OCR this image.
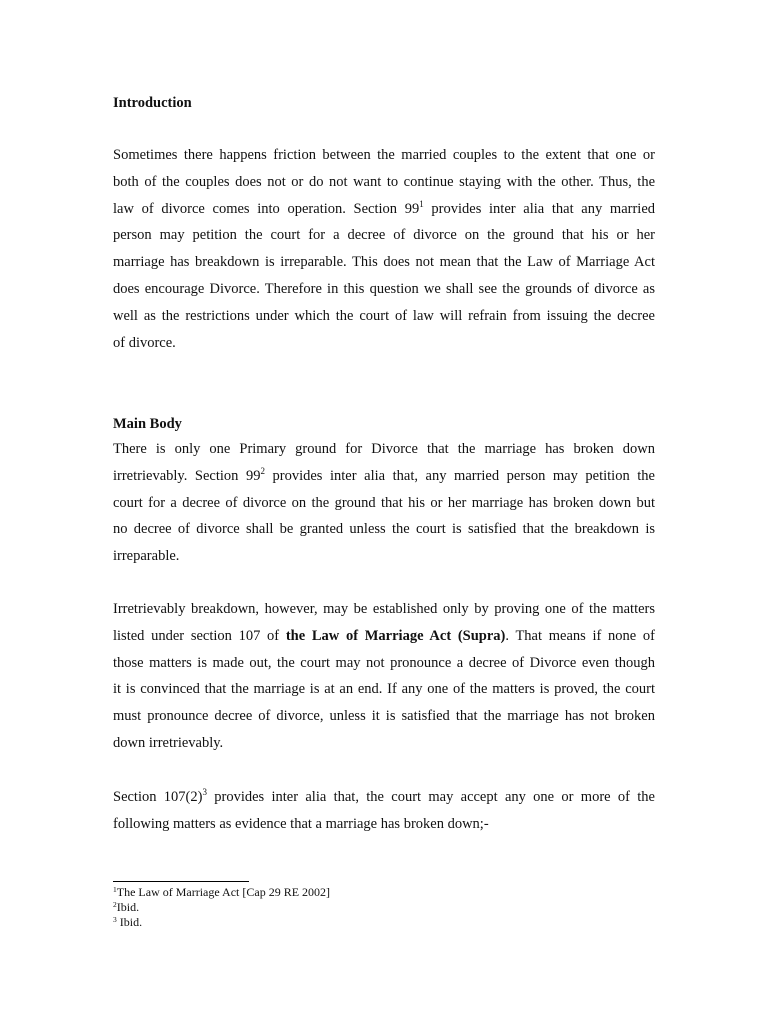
Introduction
Sometimes there happens friction between the married couples to the extent that one or
both of the couples does not or do not want to continue staying with the other. Thus, the
law of divorce comes into operation. Section $99^1$ provides inter alia that any married
person may petition the court for a decree of divorce on the ground that his or her
marriage has breakdown is irreparable. This does not mean that the Law of Marriage Act
does encourage Divorce. Therefore in this question we shall see the grounds of divorce as
well as the restrictions under which the court of law will refrain from issuing the decree
of divorce.
Main Body
There is only one Primary ground for Divorce that the marriage has broken down
irretrievably. Section $99^2$ provides inter alia that, any married person may petition the
court for a decree of divorce on the ground that his or her marriage has broken down but
no decree of divorce shall be granted unless the court is satisfied that the breakdown is
irreparable.
Irretrievably breakdown, however, may be established only by proving one of the matters
listed under section 107 of the Law of Marriage Act (Supra). That means if none of
those matters is made out, the court may not pronounce a decree of Divorce even though
it is convinced that the marriage is at an end. If any one of the matters is proved, the court
must pronounce decree of divorce, unless it is satisfied that the marriage has not broken
down irretrievably.
Section $107(2)^3$ provides inter alia that, the court may accept any one or more of the
following matters as evidence that a marriage has broken down;-
$^1$The Law of Marriage Act [Cap 29 RE 2002]
$^2$Ibid.
$^3$ Ibid.
